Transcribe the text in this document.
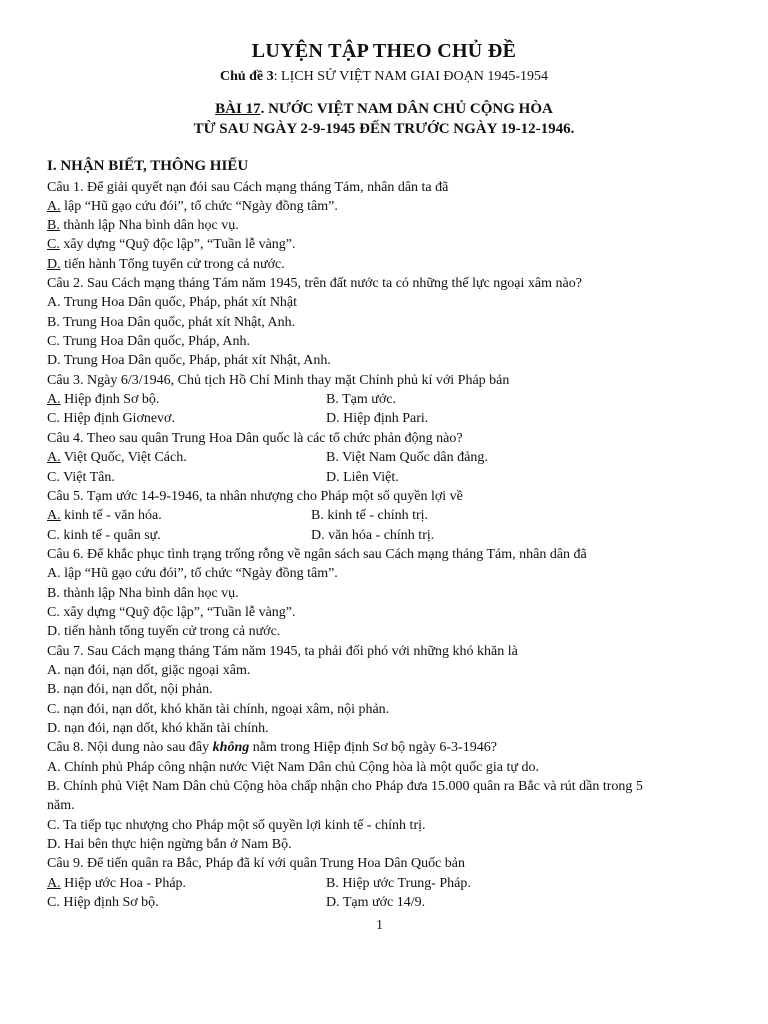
LUYỆN TẬP THEO CHỦ ĐỀ
Chủ đề 3: LỊCH SỬ VIỆT NAM GIAI ĐOẠN 1945-1954
BÀI 17. NƯỚC VIỆT NAM DÂN CHỦ CỘNG HÒA
TỪ SAU NGÀY 2-9-1945 ĐẾN TRƯỚC NGÀY 19-12-1946.
I. NHẬN BIẾT, THÔNG HIỂU
Câu 1. Để giải quyết nạn đói sau Cách mạng tháng Tám, nhân dân ta đã
A. lập “Hũ gạo cứu đói”, tổ chức “Ngày đồng tâm”.
B. thành lập Nha bình dân học vụ.
C. xây dựng “Quỹ độc lập”, “Tuần lễ vàng”.
D. tiến hành Tổng tuyển cử trong cả nước.
Câu 2. Sau Cách mạng tháng Tám năm 1945, trên đất nước ta có những thế lực ngoại xâm nào?
A. Trung Hoa Dân quốc, Pháp, phát xít Nhật
B. Trung Hoa Dân quốc, phát xít Nhật, Anh.
C. Trung Hoa Dân quốc, Pháp, Anh.
D. Trung Hoa Dân quốc, Pháp, phát xít Nhật, Anh.
Câu 3. Ngày 6/3/1946, Chủ tịch Hồ Chí Minh thay mặt Chính phủ kí với Pháp bản
A. Hiệp định Sơ bộ.	B. Tạm ước.
C. Hiệp định Giơnevơ.	D. Hiệp định Pari.
Câu 4. Theo sau quân Trung Hoa Dân quốc là các tổ chức phản động nào?
A. Việt Quốc, Việt Cách.	B. Việt Nam Quốc dân đảng.
C. Việt Tân.	D. Liên Việt.
Câu 5. Tạm ước 14-9-1946, ta nhân nhượng cho Pháp một số quyền lợi về
A. kinh tế - văn hóa.	B. kinh tế - chính trị.
C. kinh tế - quân sự.	D. văn hóa - chính trị.
Câu 6. Để khắc phục tình trạng trống rỗng về ngân sách sau Cách mạng tháng Tám, nhân dân đã
A. lập “Hũ gạo cứu đói”, tổ chức “Ngày đồng tâm”.
B. thành lập Nha bình dân học vụ.
C. xây dựng “Quỹ độc lập”, “Tuần lễ vàng”.
D. tiến hành tổng tuyển cử trong cả nước.
Câu 7. Sau Cách mạng tháng Tám năm 1945, ta phải đối phó với những khó khăn là
A. nạn đói, nạn dốt, giặc ngoại xâm.
B. nạn đói, nạn dốt, nội phản.
C. nạn đói, nạn dốt, khó khăn tài chính, ngoại xâm, nội phản.
D. nạn đói, nạn dốt, khó khăn tài chính.
Câu 8. Nội dung nào sau đây không nằm trong Hiệp định Sơ bộ ngày 6-3-1946?
A. Chính phủ Pháp công nhận nước Việt Nam Dân chủ Cộng hòa là một quốc gia tự do.
B. Chính phủ Việt Nam Dân chủ Cộng hòa chấp nhận cho Pháp đưa 15.000 quân ra Bắc và rút dần trong 5
năm.
C. Ta tiếp tục nhượng cho Pháp một số quyền lợi kinh tế - chính trị.
D. Hai bên thực hiện ngừng bắn ở Nam Bộ.
Câu 9. Để tiến quân ra Bắc, Pháp đã kí với quân Trung Hoa Dân Quốc bản
A. Hiệp ước Hoa - Pháp.	B. Hiệp ước Trung- Pháp.
C. Hiệp định Sơ bộ.	D. Tạm ước 14/9.
1
